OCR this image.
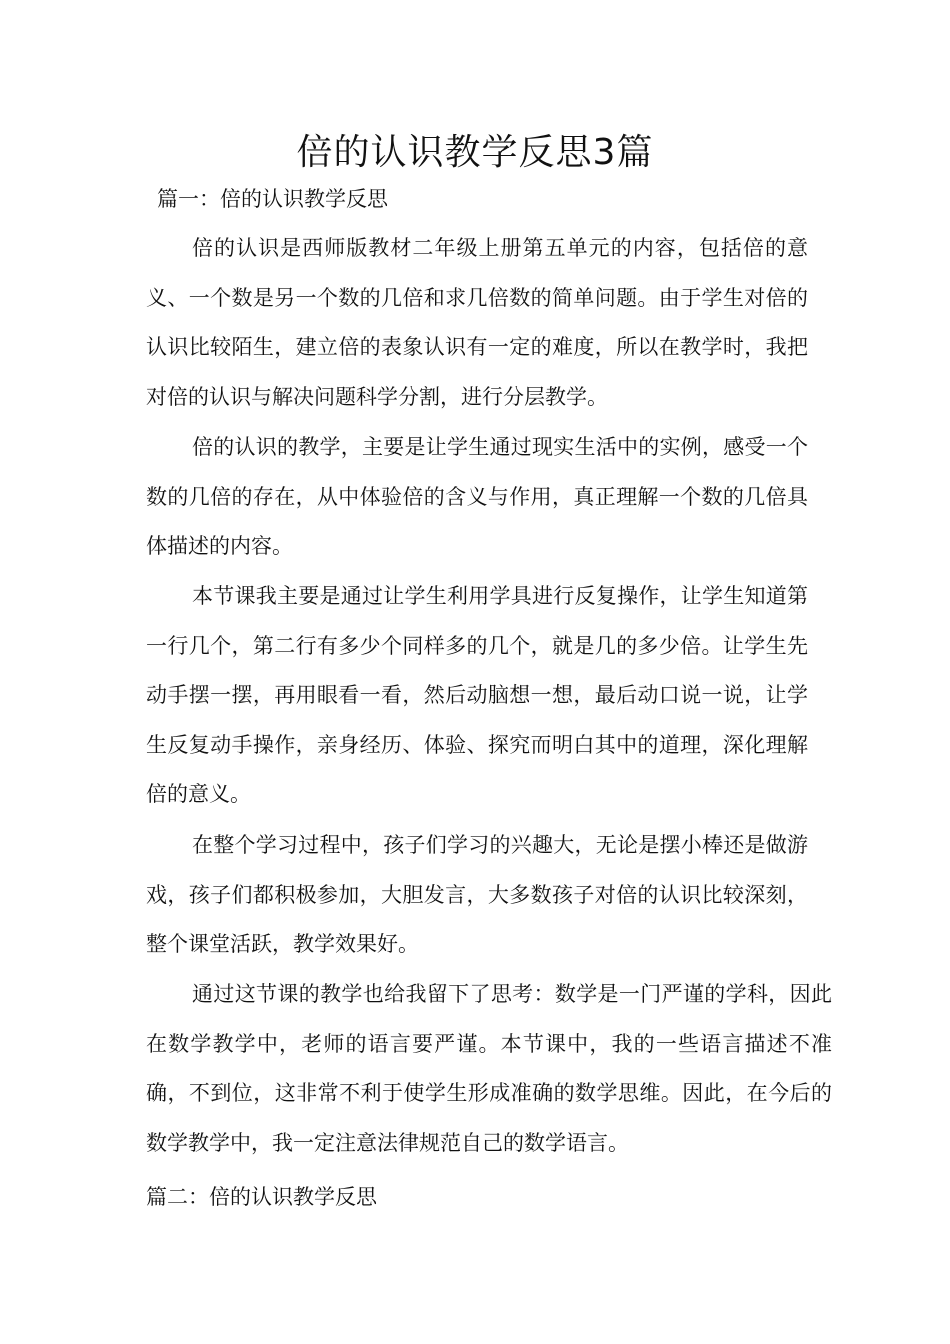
倍的认识教学反思3篇
篇一：倍的认识教学反思
倍的认识是西师版教材二年级上册第五单元的内容，包括倍的意义、一个数是另一个数的几倍和求几倍数的简单问题。由于学生对倍的认识比较陌生，建立倍的表象认识有一定的难度，所以在教学时，我把对倍的认识与解决问题科学分割，进行分层教学。
倍的认识的教学，主要是让学生通过现实生活中的实例，感受一个数的几倍的存在，从中体验倍的含义与作用，真正理解一个数的几倍具体描述的内容。
本节课我主要是通过让学生利用学具进行反复操作，让学生知道第一行几个，第二行有多少个同样多的几个，就是几的多少倍。让学生先动手摆一摆，再用眼看一看，然后动脑想一想，最后动口说一说，让学生反复动手操作，亲身经历、体验、探究而明白其中的道理，深化理解倍的意义。
在整个学习过程中，孩子们学习的兴趣大，无论是摆小棒还是做游戏，孩子们都积极参加，大胆发言，大多数孩子对倍的认识比较深刻，整个课堂活跃，教学效果好。
通过这节课的教学也给我留下了思考：数学是一门严谨的学科，因此在数学教学中，老师的语言要严谨。本节课中，我的一些语言描述不准确，不到位，这非常不利于使学生形成准确的数学思维。因此，在今后的数学教学中，我一定注意法律规范自己的数学语言。
篇二：倍的认识教学反思
